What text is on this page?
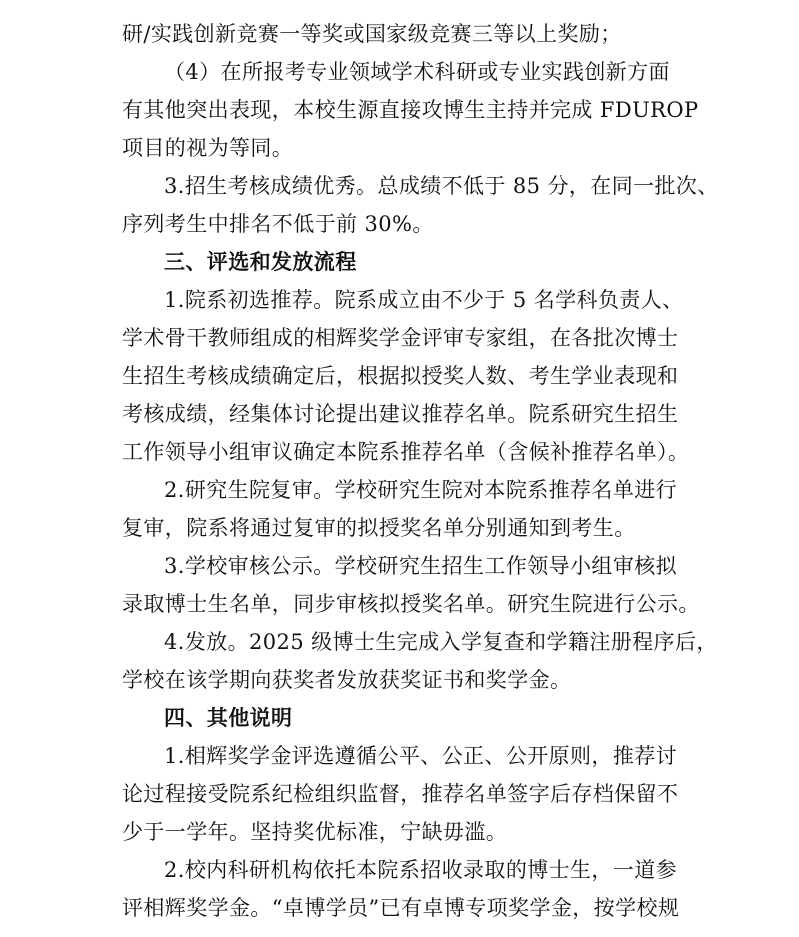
研/实践创新竞赛一等奖或国家级竞赛三等以上奖励；
（4）在所报考专业领域学术科研或专业实践创新方面
有其他突出表现，本校生源直接攻博生主持并完成 FDUROP
项目的视为等同。
3.招生考核成绩优秀。总成绩不低于 85 分，在同一批次、
序列考生中排名不低于前 30%。
三、评选和发放流程
1.院系初选推荐。院系成立由不少于 5 名学科负责人、
学术骨干教师组成的相辉奖学金评审专家组，在各批次博士
生招生考核成绩确定后，根据拟授奖人数、考生学业表现和
考核成绩，经集体讨论提出建议推荐名单。院系研究生招生
工作领导小组审议确定本院系推荐名单（含候补推荐名单）。
2.研究生院复审。学校研究生院对本院系推荐名单进行
复审，院系将通过复审的拟授奖名单分别通知到考生。
3.学校审核公示。学校研究生招生工作领导小组审核拟
录取博士生名单，同步审核拟授奖名单。研究生院进行公示。
4.发放。2025 级博士生完成入学复查和学籍注册程序后，
学校在该学期向获奖者发放获奖证书和奖学金。
四、其他说明
1.相辉奖学金评选遵循公平、公正、公开原则，推荐讨
论过程接受院系纪检组织监督，推荐名单签字后存档保留不
少于一学年。坚持奖优标准，宁缺毋滥。
2.校内科研机构依托本院系招收录取的博士生，一道参
评相辉奖学金。“卓博学员”已有卓博专项奖学金，按学校规
